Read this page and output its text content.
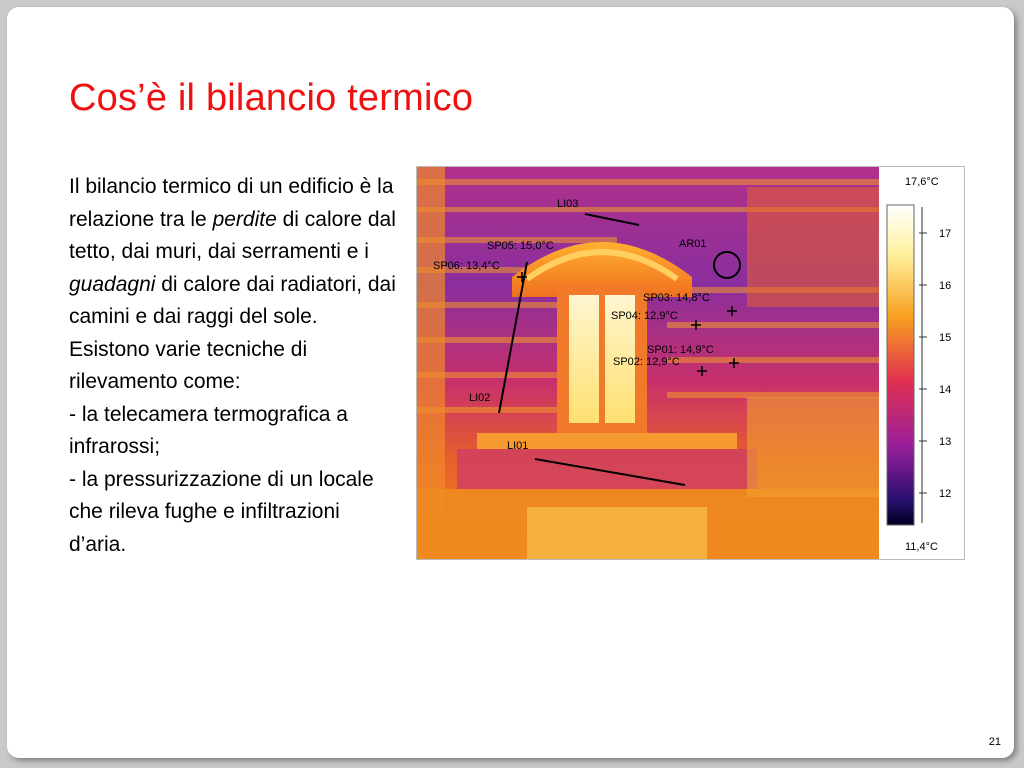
Cos’è il bilancio termico

Il bilancio termico di un edificio è la relazione tra le perdite di calore dal tetto, dai muri, dai serramenti e i guadagni di calore dai radiatori, dai camini e dai raggi del sole.

Esistono varie tecniche di rilevamento come:

- la telecamera termografica a infrarossi;

- la pressurizzazione di un locale che rileva fughe e infiltrazioni d’aria.

LI03
AR01
SP05: 15,0°C
SP06: 13,4°C
SP03: 14,8°C
SP04: 12,9°C
SP01: 14,9°C
SP02: 12,9°C
LI02
LI01
17,6°C
17
16
15
14
13
12
11,4°C
21
